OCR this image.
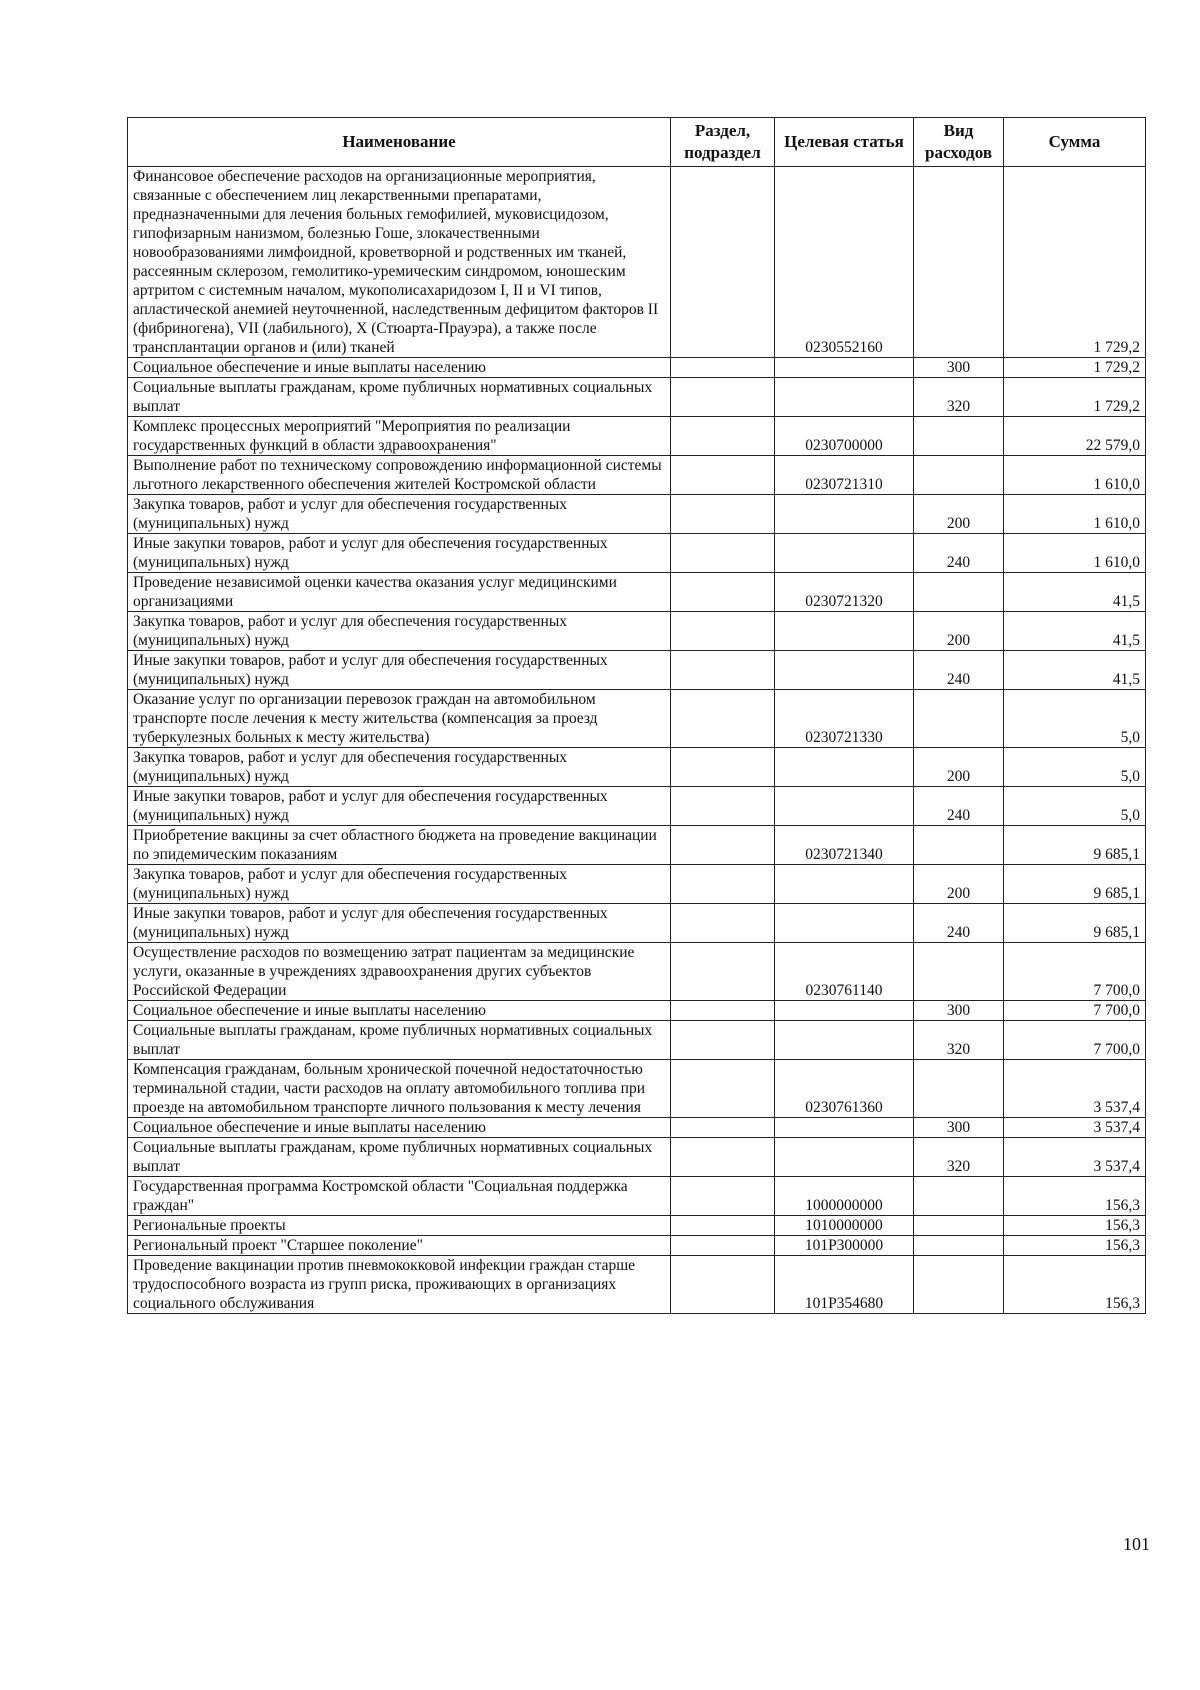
Наименование	Раздел, подраздел	Целевая статья	Вид расходов	Сумма
Финансовое обеспечение расходов на организационные мероприятия, связанные с обеспечением лиц лекарственными препаратами, предназначенными для лечения больных гемофилией, муковисцидозом, гипофизарным нанизмом, болезнью Гоше, злокачественными новообразованиями лимфоидной, кроветворной и родственных им тканей, рассеянным склерозом, гемолитико-уремическим синдромом, юношеским артритом с системным началом, мукополисахаридозом I, II и VI типов, апластической анемией неуточненной, наследственным дефицитом факторов II (фибриногена), VII (лабильного), X (Стюарта-Прауэра), а также после трансплантации органов и (или) тканей		0230552160		1 729,2
Социальное обеспечение и иные выплаты населению			300	1 729,2
Социальные выплаты гражданам, кроме публичных нормативных социальных выплат			320	1 729,2
Комплекс процессных мероприятий "Мероприятия по реализации государственных функций в области здравоохранения"		0230700000		22 579,0
Выполнение работ по техническому сопровождению информационной системы льготного лекарственного обеспечения жителей Костромской области		0230721310		1 610,0
Закупка товаров, работ и услуг для обеспечения государственных (муниципальных) нужд			200	1 610,0
Иные закупки товаров, работ и услуг для обеспечения государственных (муниципальных) нужд			240	1 610,0
Проведение независимой оценки качества оказания услуг медицинскими организациями		0230721320		41,5
Закупка товаров, работ и услуг для обеспечения государственных (муниципальных) нужд			200	41,5
Иные закупки товаров, работ и услуг для обеспечения государственных (муниципальных) нужд			240	41,5
Оказание услуг по организации перевозок граждан на автомобильном транспорте после лечения к месту жительства (компенсация за проезд туберкулезных больных к месту жительства)		0230721330		5,0
Закупка товаров, работ и услуг для обеспечения государственных (муниципальных) нужд			200	5,0
Иные закупки товаров, работ и услуг для обеспечения государственных (муниципальных) нужд			240	5,0
Приобретение вакцины за счет областного бюджета на проведение вакцинации по эпидемическим показаниям		0230721340		9 685,1
Закупка товаров, работ и услуг для обеспечения государственных (муниципальных) нужд			200	9 685,1
Иные закупки товаров, работ и услуг для обеспечения государственных (муниципальных) нужд			240	9 685,1
Осуществление расходов по возмещению затрат пациентам за медицинские услуги, оказанные в учреждениях здравоохранения других субъектов Российской Федерации		0230761140		7 700,0
Социальное обеспечение и иные выплаты населению			300	7 700,0
Социальные выплаты гражданам, кроме публичных нормативных социальных выплат			320	7 700,0
Компенсация гражданам, больным хронической почечной недостаточностью терминальной стадии, части расходов на оплату автомобильного топлива при проезде на автомобильном транспорте личного пользования к месту лечения		0230761360		3 537,4
Социальное обеспечение и иные выплаты населению			300	3 537,4
Социальные выплаты гражданам, кроме публичных нормативных социальных выплат			320	3 537,4
Государственная программа Костромской области "Социальная поддержка граждан"		1000000000		156,3
Региональные проекты		1010000000		156,3
Региональный проект "Старшее поколение"		101P300000		156,3
Проведение вакцинации против пневмококковой инфекции граждан старше трудоспособного возраста из групп риска, проживающих в организациях социального обслуживания		101P354680		156,3
101
